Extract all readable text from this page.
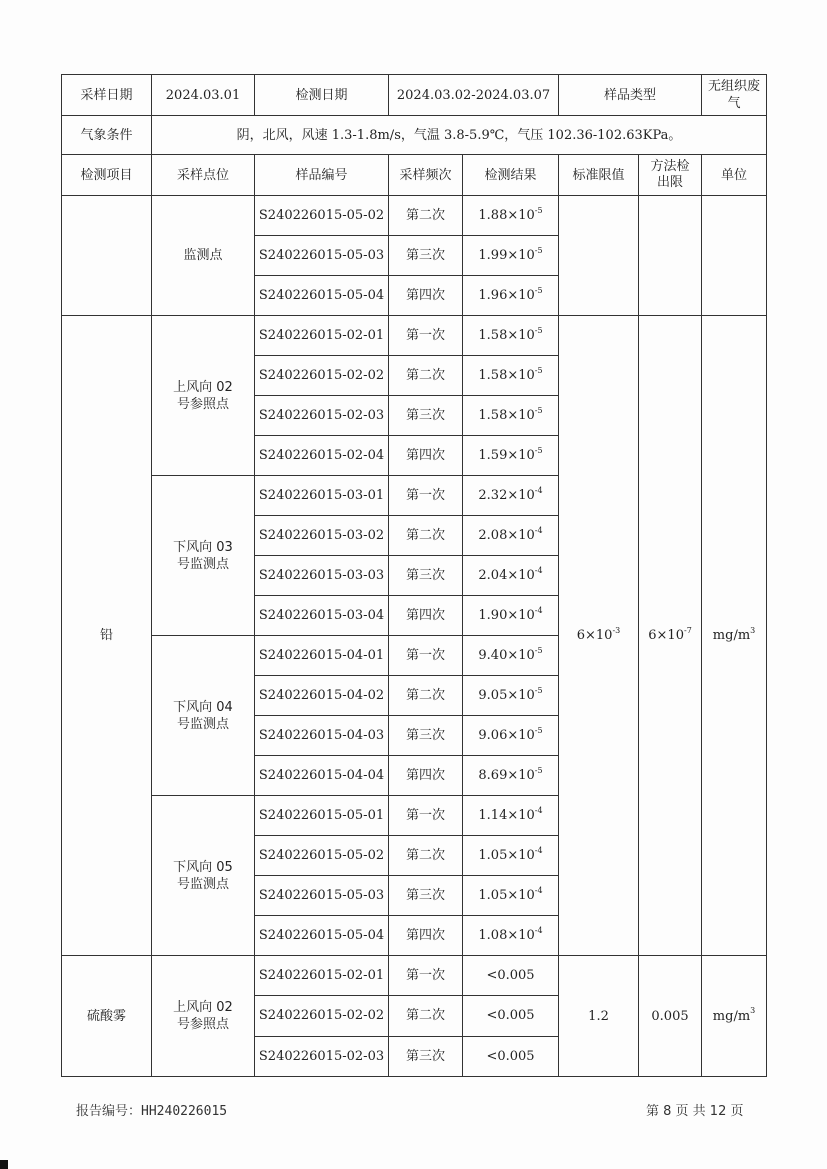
采样日期	2024.03.01	检测日期	2024.03.02-2024.03.07		样品类型		无组织废气
气象条件	阴，北风，风速 1.3-1.8m/s，气温 3.8-5.9℃，气压 102.36-102.63KPa。						
检测项目	采样点位	样品编号	采样频次	检测结果	标准限值	方法检出限	单位
	监测点	S240226015-05-02	第二次	$1.88\times 10^{-5}$			
		S240226015-05-03	第三次	$1.99\times 10^{-5}$
		S240226015-05-04	第四次	$1.96\times 10^{-5}$
铅	上风向 02 号参照点	S240226015-02-01	第一次	$1.58\times 10^{-5}$	$6\times 10^{-3}$	$6\times 10^{-7}$	$mg/m^3$
		S240226015-02-02	第二次	$1.58\times 10^{-5}$
		S240226015-02-03	第三次	$1.58\times 10^{-5}$
		S240226015-02-04	第四次	$1.59\times 10^{-5}$
	下风向 03 号监测点	S240226015-03-01	第一次	$2.32\times 10^{-4}$
		S240226015-03-02	第二次	$2.08\times 10^{-4}$
		S240226015-03-03	第三次	$2.04\times 10^{-4}$
		S240226015-03-04	第四次	$1.90\times 10^{-4}$
	下风向 04 号监测点	S240226015-04-01	第一次	$9.40\times 10^{-5}$
		S240226015-04-02	第二次	$9.05\times 10^{-5}$
		S240226015-04-03	第三次	$9.06\times 10^{-5}$
		S240226015-04-04	第四次	$8.69\times 10^{-5}$
	下风向 05 号监测点	S240226015-05-01	第一次	$1.14\times 10^{-4}$
		S240226015-05-02	第二次	$1.05\times 10^{-4}$
		S240226015-05-03	第三次	$1.05\times 10^{-4}$
		S240226015-05-04	第四次	$1.08\times 10^{-4}$
硫酸雾	上风向 02 号参照点	S240226015-02-01	第一次	<0.005	1.2	0.005	$mg/m^3$
		S240226015-02-02	第二次	<0.005			
		S240226015-02-03	第三次	<0.005			
报告编号：HH240226015	第 8 页 共 12 页
